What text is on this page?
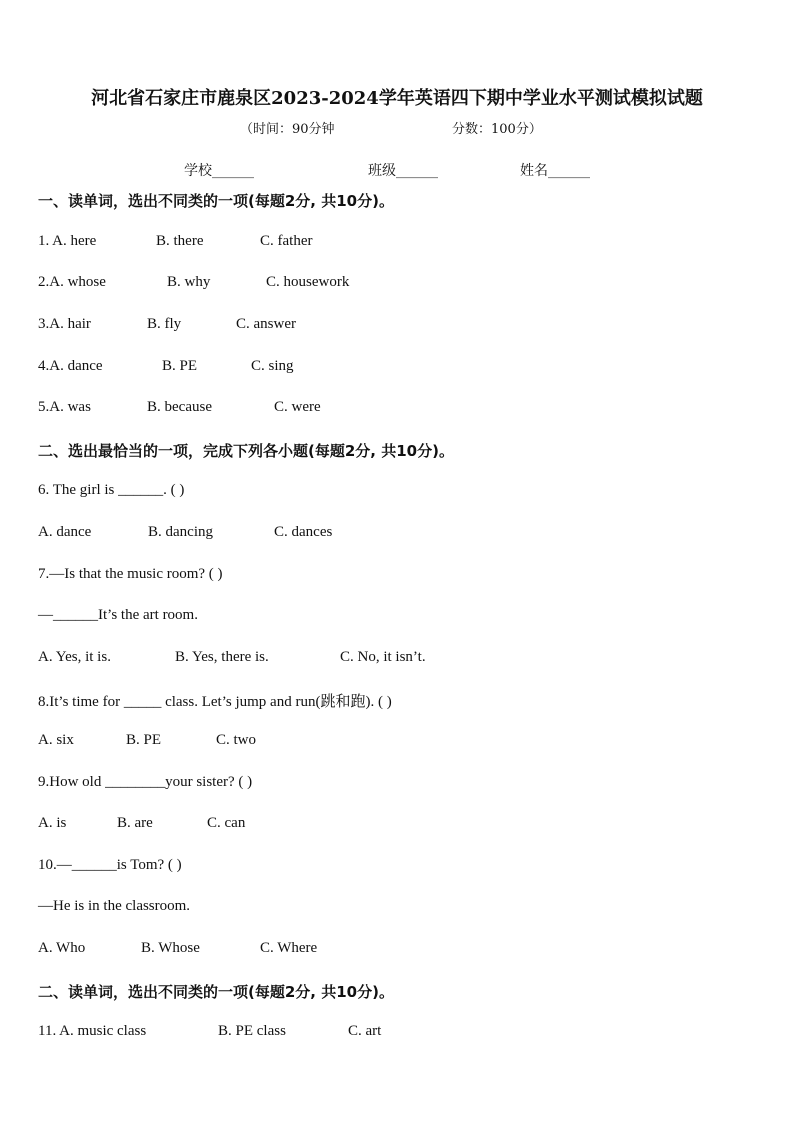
河北省石家庄市鹿泉区2023-2024学年英语四下期中学业水平测试模拟试题
（时间：90分钟	分数：100分）
学校______	班级______	姓名______
一、读单词，选出不同类的一项(每题2分, 共10分)。
1. A. here	B. there	C. father
2.A. whose	B. why	C. housework
3.A. hair	B. fly	C. answer
4.A. dance	B. PE	C. sing
5.A. was	B. because	C. were
二、选出最恰当的一项，完成下列各小题(每题2分, 共10分)。
6. The girl is ______. ( )
A. dance	B. dancing	C. dances
7.—Is that the music room? ( )
—______It’s the art room.
A. Yes, it is.	B. Yes, there is.	C. No, it isn’t.
8.It’s time for _____ class. Let’s jump and run(跳和跑). ( )
A. six	B. PE	C. two
9.How old ________your sister? ( )
A. is	B. are	C. can
10.—______is Tom? ( )
—He is in the classroom.
A. Who	B. Whose	C. Where
二、读单词，选出不同类的一项(每题2分, 共10分)。
11. A. music class	B. PE class	C. art
